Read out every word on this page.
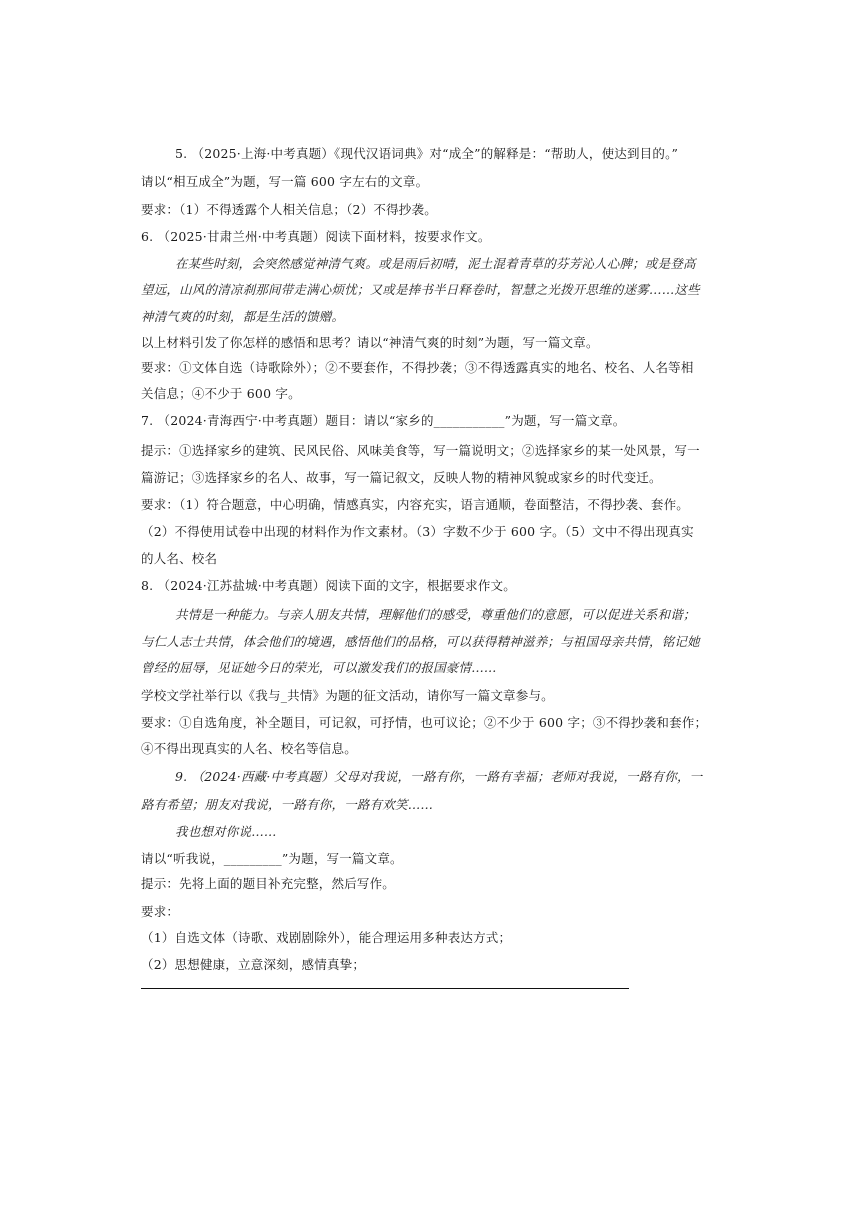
5. （2025·上海·中考真题）《现代汉语词典》对“成全”的解释是：“帮助人，使达到目的。”
请以“相互成全”为题，写一篇 600 字左右的文章。
要求：（1）不得透露个人相关信息；（2）不得抄袭。
6. （2025·甘肃兰州·中考真题）阅读下面材料，按要求作文。
在某些时刻，会突然感觉神清气爽。或是雨后初晴，泥土混着青草的芬芳沁人心脾；或是登高
望远，山风的清凉刹那间带走满心烦忧；又或是捧书半日释卷时，智慧之光拨开思维的迷雾……这些
神清气爽的时刻，都是生活的馈赠。
以上材料引发了你怎样的感悟和思考？请以“神清气爽的时刻”为题，写一篇文章。
要求：①文体自选（诗歌除外）；②不要套作，不得抄袭；③不得透露真实的地名、校名、人名等相
关信息；④不少于 600 字。
7. （2024·青海西宁·中考真题）题目：请以“家乡的___________”为题，写一篇文章。
提示：①选择家乡的建筑、民风民俗、风味美食等，写一篇说明文；②选择家乡的某一处风景，写一
篇游记；③选择家乡的名人、故事，写一篇记叙文，反映人物的精神风貌或家乡的时代变迁。
要求：（1）符合题意，中心明确，情感真实，内容充实，语言通顺，卷面整洁，不得抄袭、套作。
（2）不得使用试卷中出现的材料作为作文素材。（3）字数不少于 600 字。（5）文中不得出现真实
的人名、校名
8. （2024·江苏盐城·中考真题）阅读下面的文字，根据要求作文。
共情是一种能力。与亲人朋友共情，理解他们的感受，尊重他们的意愿，可以促进关系和谐；
与仁人志士共情，体会他们的境遇，感悟他们的品格，可以获得精神滋养；与祖国母亲共情，铭记她
曾经的屈辱，见证她今日的荣光，可以激发我们的报国豪情……
学校文学社举行以《我与_共情》为题的征文活动，请你写一篇文章参与。
要求：①自选角度，补全题目，可记叙，可抒情，也可议论；②不少于 600 字；③不得抄袭和套作；
④不得出现真实的人名、校名等信息。
9. （2024·西藏·中考真题）父母对我说，一路有你，一路有幸福；老师对我说，一路有你，一
路有希望；朋友对我说，一路有你，一路有欢笑……
我也想对你说……
请以“听我说，_________”为题，写一篇文章。
提示：先将上面的题目补充完整，然后写作。
要求：
（1）自选文体（诗歌、戏剧剧除外），能合理运用多种表达方式；
（2）思想健康，立意深刻，感情真挚；
